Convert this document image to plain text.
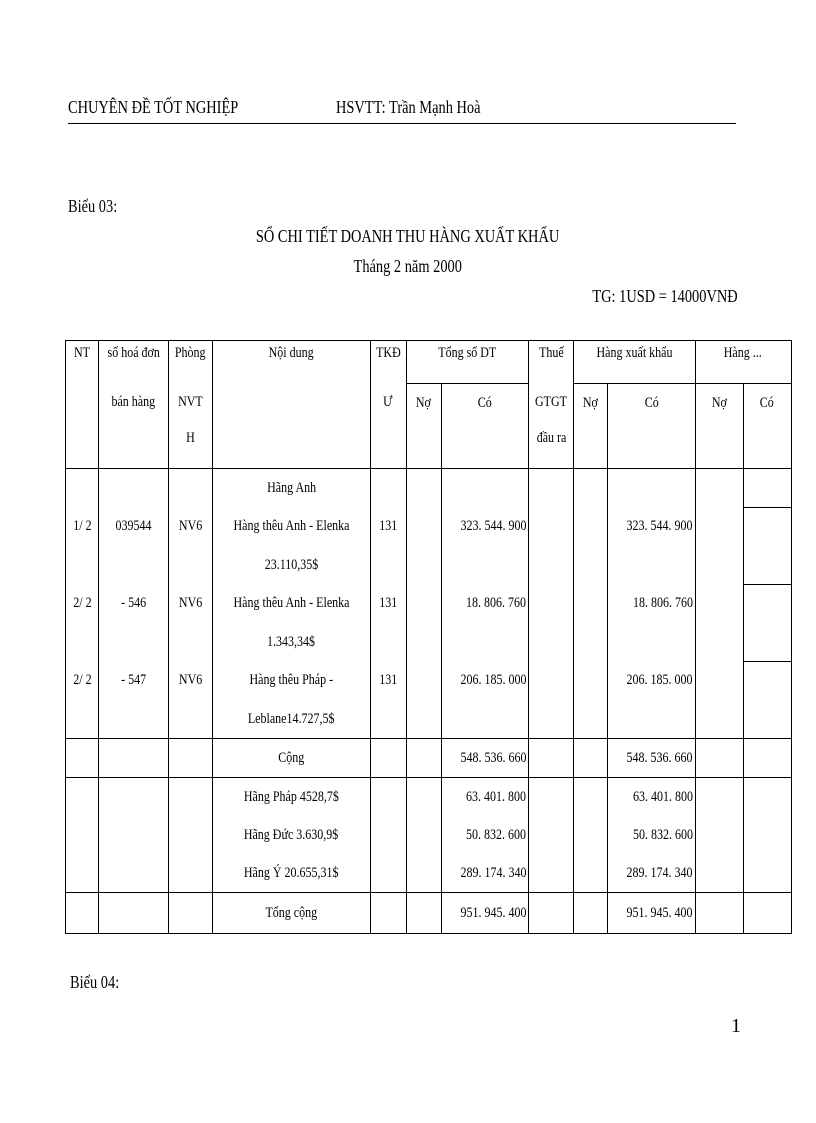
CHUYÊN ĐỀ TỐT NGHIỆP	HSVTT: Trần Mạnh Hoà
Biểu 03:
SỔ CHI TIẾT DOANH THU HÀNG XUẤT KHẨU
Tháng 2 năm 2000
TG: 1USD = 14000VNĐ
NT	số hoá đơn	Phòng	Nội dung	TKĐ	Tổng số DT		Thuế	Hàng xuất khẩu		Hàng ...	
	bán hàng	NVT		Ư	Nợ	Có	GTGT	Nợ	Có	Nợ	Có
		H					đầu ra				
			Hãng Anh								
1/ 2	039544	NV6	Hàng thêu Anh - Elenka	131		323. 544. 900			323. 544. 900		
			23.110,35$								
2/ 2	- 546	NV6	Hàng thêu Anh - Elenka	131		18. 806. 760			18. 806. 760		
			1.343,34$								
2/ 2	- 547	NV6	Hàng thêu Pháp -	131		206. 185. 000			206. 185. 000		
			Leblane14.727,5$								
			Cộng			548. 536. 660			548. 536. 660		
			Hãng Pháp 4528,7$			63. 401. 800			63. 401. 800		
			Hãng Đức 3.630,9$			50. 832. 600			50. 832. 600		
			Hãng Ý 20.655,31$			289. 174. 340			289. 174. 340		
			Tổng cộng			951. 945. 400			951. 945. 400		
Biểu 04:
1
